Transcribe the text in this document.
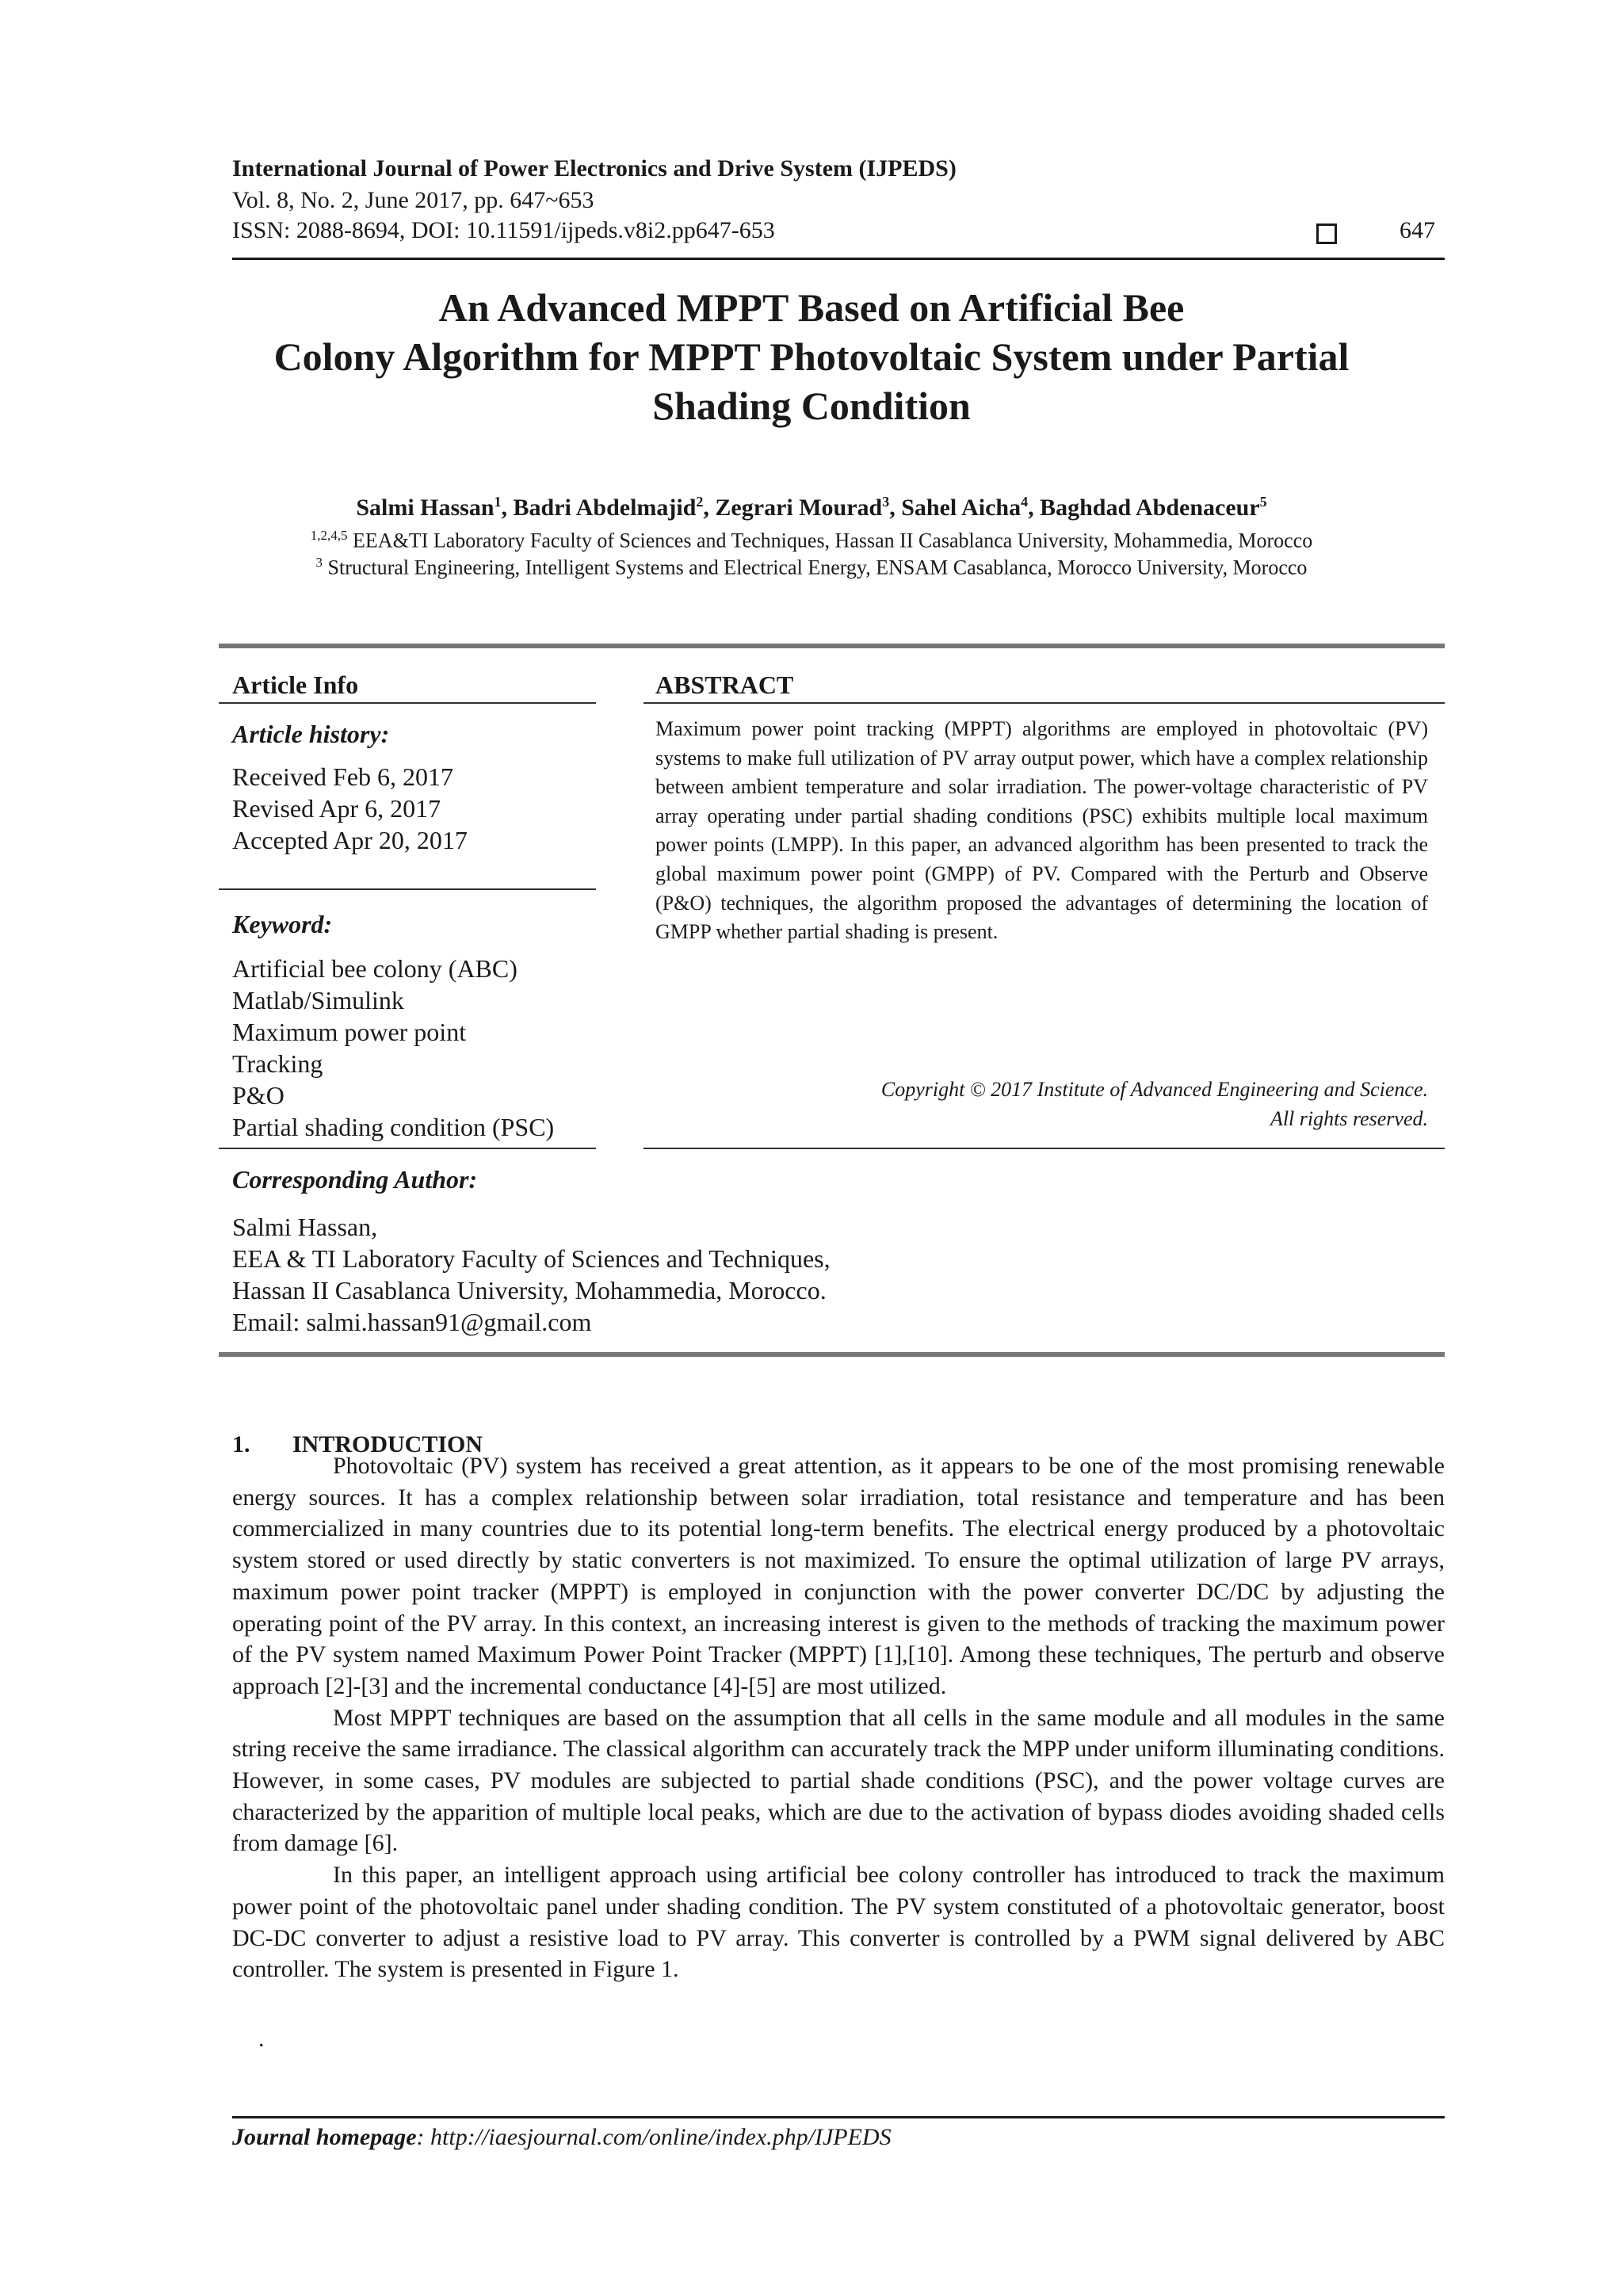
International Journal of Power Electronics and Drive System (IJPEDS)
Vol. 8, No. 2, June 2017, pp. 647~653
ISSN: 2088-8694, DOI: 10.11591/ijpeds.v8i2.pp647-653	647
An Advanced MPPT Based on Artificial Bee
Colony Algorithm for MPPT Photovoltaic System under Partial
Shading Condition
Salmi Hassan$^1$, Badri Abdelmajid$^2$, Zegrari Mourad$^3$, Sahel Aicha$^4$, Baghdad Abdenaceur$^5$
$^{1,2,4,5}$ EEA&TI Laboratory Faculty of Sciences and Techniques, Hassan II Casablanca University, Mohammedia, Morocco
$^3$ Structural Engineering, Intelligent Systems and Electrical Energy, ENSAM Casablanca, Morocco University, Morocco
Article Info
Article history:
Received Feb 6, 2017
Revised Apr 6, 2017
Accepted Apr 20, 2017
Keyword:
Artificial bee colony (ABC)
Matlab/Simulink
Maximum power point
Tracking
P&O
Partial shading condition (PSC)
ABSTRACT
Maximum power point tracking (MPPT) algorithms are employed in photovoltaic (PV) systems to make full utilization of PV array output power, which have a complex relationship between ambient temperature and solar irradiation. The power-voltage characteristic of PV array operating under partial shading conditions (PSC) exhibits multiple local maximum power points (LMPP). In this paper, an advanced algorithm has been presented to track the global maximum power point (GMPP) of PV. Compared with the Perturb and Observe (P&O) techniques, the algorithm proposed the advantages of determining the location of GMPP whether partial shading is present.
Copyright © 2017 Institute of Advanced Engineering and Science.
All rights reserved.
Corresponding Author:
Salmi Hassan,
EEA & TI Laboratory Faculty of Sciences and Techniques,
Hassan II Casablanca University, Mohammedia, Morocco.
Email: salmi.hassan91@gmail.com
1. INTRODUCTION

Photovoltaic (PV) system has received a great attention, as it appears to be one of the most promising renewable energy sources. It has a complex relationship between solar irradiation, total resistance and temperature and has been commercialized in many countries due to its potential long-term benefits. The electrical energy produced by a photovoltaic system stored or used directly by static converters is not maximized. To ensure the optimal utilization of large PV arrays, maximum power point tracker (MPPT) is employed in conjunction with the power converter DC/DC by adjusting the operating point of the PV array. In this context, an increasing interest is given to the methods of tracking the maximum power of the PV system named Maximum Power Point Tracker (MPPT) [1],[10]. Among these techniques, The perturb and observe approach [2]-[3] and the incremental conductance [4]-[5] are most utilized.

Most MPPT techniques are based on the assumption that all cells in the same module and all modules in the same string receive the same irradiance. The classical algorithm can accurately track the MPP under uniform illuminating conditions. However, in some cases, PV modules are subjected to partial shade conditions (PSC), and the power voltage curves are characterized by the apparition of multiple local peaks, which are due to the activation of bypass diodes avoiding shaded cells from damage [6].

In this paper, an intelligent approach using artificial bee colony controller has introduced to track the maximum power point of the photovoltaic panel under shading condition. The PV system constituted of a photovoltaic generator, boost DC-DC converter to adjust a resistive load to PV array. This converter is controlled by a PWM signal delivered by ABC controller. The system is presented in Figure 1.

.
Journal homepage: http://iaesjournal.com/online/index.php/IJPEDS
